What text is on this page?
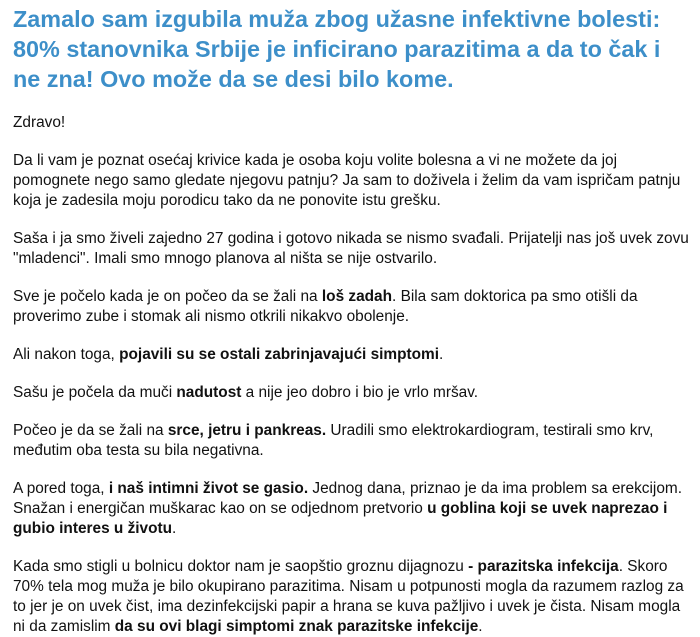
Zamalo sam izgubila muža zbog užasne infektivne bolesti: 80% stanovnika Srbije je inficirano parazitima a da to čak i ne zna! Ovo može da se desi bilo kome.

Zdravo!

Da li vam je poznat osećaj krivice kada je osoba koju volite bolesna a vi ne možete da joj pomognete nego samo gledate njegovu patnju? Ja sam to doživela i želim da vam ispričam patnju koja je zadesila moju porodicu tako da ne ponovite istu grešku.

Saša i ja smo živeli zajedno 27 godina i gotovo nikada se nismo svađali. Prijatelji nas još uvek zovu "mladenci". Imali smo mnogo planova al ništa se nije ostvarilo.

Sve je počelo kada je on počeo da se žali na loš zadah. Bila sam doktorica pa smo otišli da proverimo zube i stomak ali nismo otkrili nikakvo obolenje.

Ali nakon toga, pojavili su se ostali zabrinjavajući simptomi.

Sašu je počela da muči nadutost a nije jeo dobro i bio je vrlo mršav.

Počeo je da se žali na srce, jetru i pankreas. Uradili smo elektrokardiogram, testirali smo krv, međutim oba testa su bila negativna.

A pored toga, i naš intimni život se gasio. Jednog dana, priznao je da ima problem sa erekcijom. Snažan i energičan muškarac kao on se odjednom pretvorio u goblina koji se uvek naprezao i gubio interes u životu.

Kada smo stigli u bolnicu doktor nam je saopštio groznu dijagnozu - parazitska infekcija. Skoro 70% tela mog muža je bilo okupirano parazitima. Nisam u potpunosti mogla da razumem razlog za to jer je on uvek čist, ima dezinfekcijski papir a hrana se kuva pažljivo i uvek je čista. Nisam mogla ni da zamislim da su ovi blagi simptomi znak parazitske infekcije.
